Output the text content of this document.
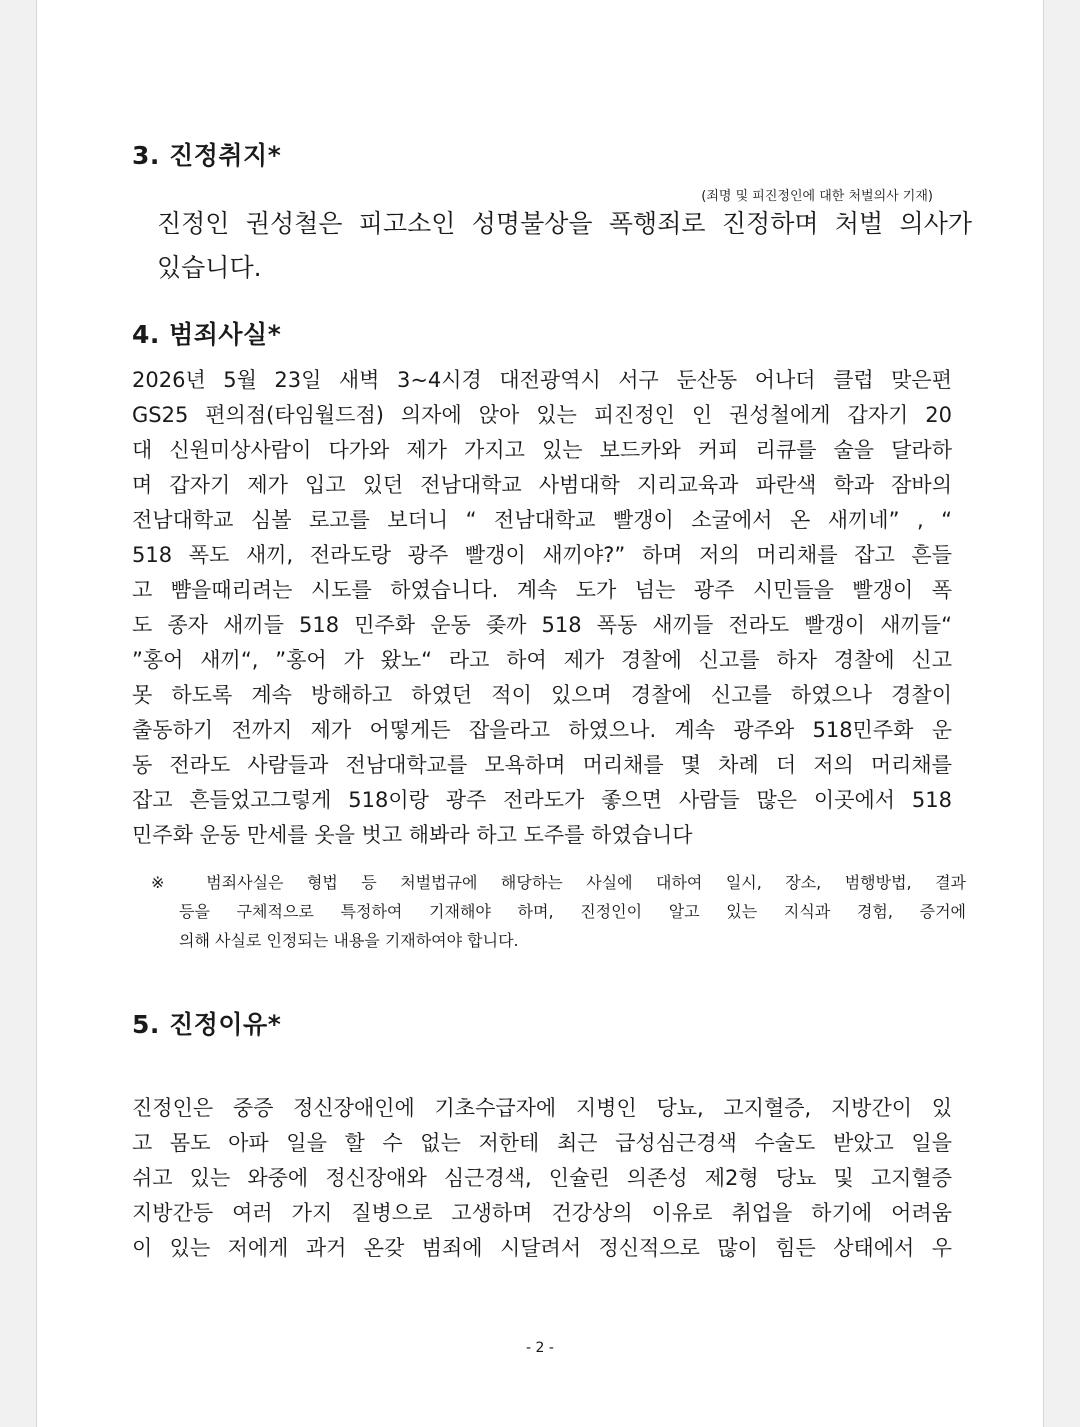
3. 진정취지*
(죄명 및 피진정인에 대한 처벌의사 기재)
진정인 권성철은 피고소인 성명불상을 폭행죄로 진정하며 처벌 의사가
있습니다.
4. 범죄사실*
2026년 5월 23일 새벽 3~4시경 대전광역시 서구 둔산동 어나더 클럽 맞은편
GS25 편의점(타임월드점) 의자에 앉아 있는 피진정인 인 권성철에게 갑자기 20
대 신원미상사람이 다가와 제가 가지고 있는 보드카와 커피 리큐를 술을 달라하
며 갑자기 제가 입고 있던 전남대학교 사범대학 지리교육과 파란색 학과 잠바의
전남대학교 심볼 로고를 보더니 “ 전남대학교 빨갱이 소굴에서 온 새끼네” , “
518 폭도 새끼, 전라도랑 광주 빨갱이 새끼야?” 하며 저의 머리채를 잡고 흔들
고 뺨을때리려는 시도를 하였습니다. 계속 도가 넘는 광주 시민들을 빨갱이 폭
도 종자 새끼들 518 민주화 운동 좆까 518 폭동 새끼들 전라도 빨갱이 새끼들“
”홍어 새끼“, ”홍어 가 왔노“ 라고 하여 제가 경찰에 신고를 하자 경찰에 신고
못 하도록 계속 방해하고 하였던 적이 있으며 경찰에 신고를 하였으나 경찰이
출동하기 전까지 제가 어떻게든 잡을라고 하였으나. 계속 광주와 518민주화 운
동 전라도 사람들과 전남대학교를 모욕하며 머리채를 몇 차례 더 저의 머리채를
잡고 흔들었고그렇게 518이랑 광주 전라도가 좋으면 사람들 많은 이곳에서 518
민주화 운동 만세를 옷을 벗고 해봐라 하고 도주를 하였습니다
※ 범죄사실은 형법 등 처벌법규에 해당하는 사실에 대하여 일시, 장소, 범행방법, 결과
등을 구체적으로 특정하여 기재해야 하며, 진정인이 알고 있는 지식과 경험, 증거에
의해 사실로 인정되는 내용을 기재하여야 합니다.
5. 진정이유*
진정인은 중증 정신장애인에 기초수급자에 지병인 당뇨, 고지혈증, 지방간이 있
고 몸도 아파 일을 할 수 없는 저한테 최근 급성심근경색 수술도 받았고 일을
쉬고 있는 와중에 정신장애와 심근경색, 인슐린 의존성 제2형 당뇨 및 고지혈증
지방간등 여러 가지 질병으로 고생하며 건강상의 이유로 취업을 하기에 어려움
이 있는 저에게 과거 온갖 범죄에 시달려서 정신적으로 많이 힘든 상태에서 우
- 2 -
